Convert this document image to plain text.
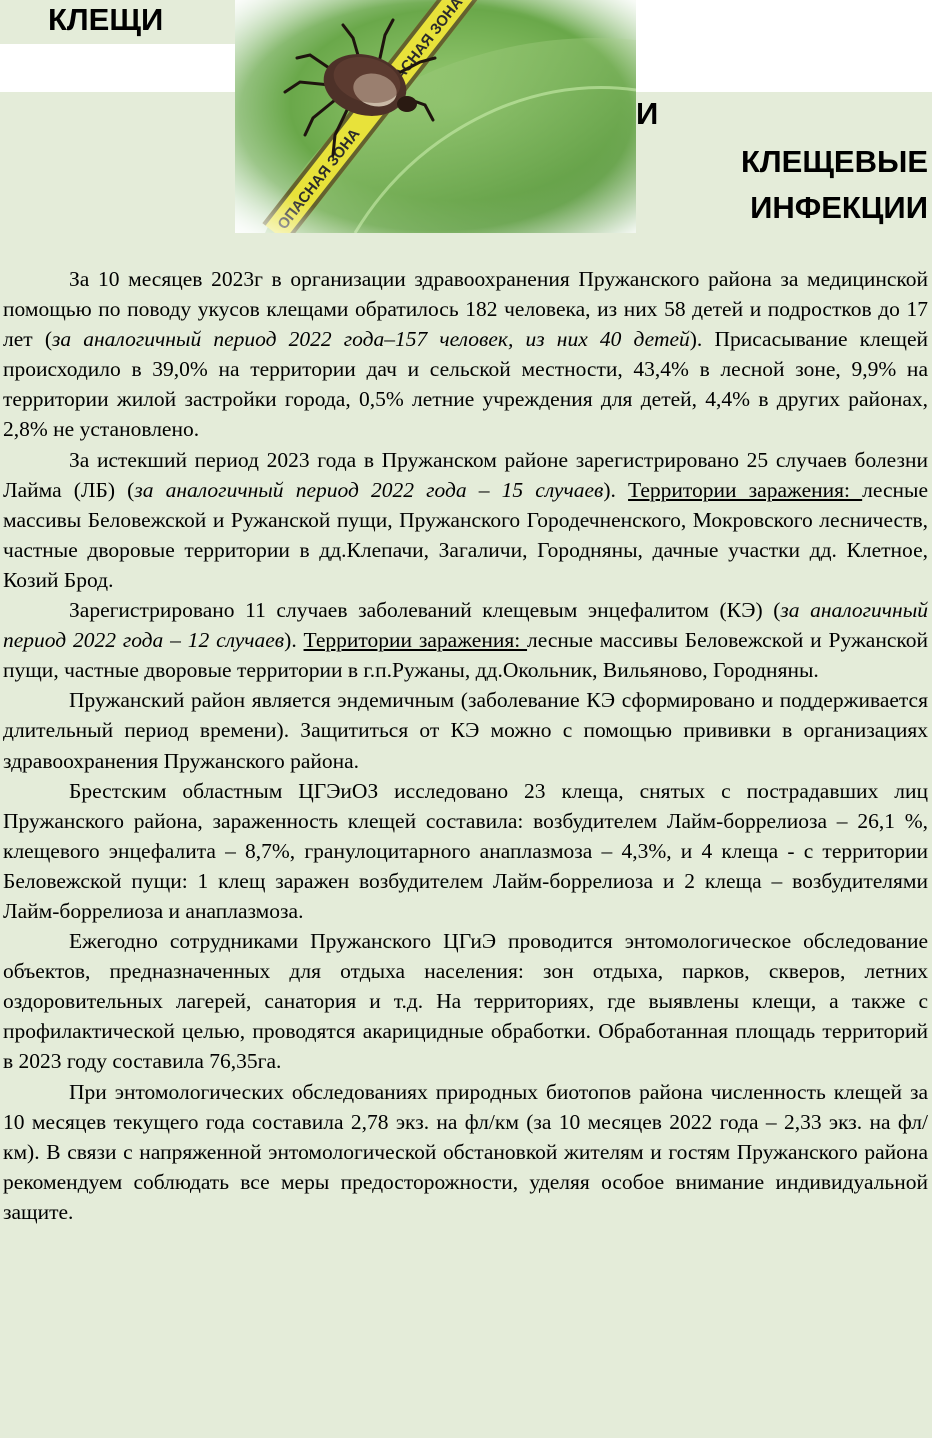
КЛЕЩИ
И
КЛЕЩЕВЫЕ
ИНФЕКЦИИ

За 10 месяцев 2023г в организации здравоохранения Пружанского района за медицинской помощью по поводу укусов клещами обратилось 182 человека, из них 58 детей и подростков до 17 лет (за аналогичный период 2022 года–157 человек, из них 40 детей). Присасывание клещей происходило в 39,0% на территории дач и сельской местности, 43,4% в лесной зоне, 9,9% на территории жилой застройки города, 0,5% летние учреждения для детей, 4,4% в других районах, 2,8% не установлено.

За истекший период 2023 года в Пружанском районе зарегистрировано 25 случаев болезни Лайма (ЛБ) (за аналогичный период 2022 года – 15 случаев). Территории заражения: лесные массивы Беловежской и Ружанской пущи, Пружанского Городечненского, Мокровского лесничеств, частные дворовые территории в дд.Клепачи, Загаличи, Городняны, дачные участки дд. Клетное, Козий Брод.

Зарегистрировано 11 случаев заболеваний клещевым энцефалитом (КЭ) (за аналогичный период 2022 года – 12 случаев). Территории заражения: лесные массивы Беловежской и Ружанской пущи, частные дворовые территории в г.п.Ружаны, дд.Окольник, Вильяново, Городняны.

Пружанский район является эндемичным (заболевание КЭ сформировано и поддерживается длительный период времени). Защититься от КЭ можно с помощью прививки в организациях здравоохранения Пружанского района.

Брестским областным ЦГЭиОЗ исследовано 23 клеща, снятых с пострадавших лиц Пружанского района, зараженность клещей составила: возбудителем Лайм-боррелиоза – 26,1 %, клещевого энцефалита – 8,7%, гранулоцитарного анаплазмоза – 4,3%, и 4 клеща - с территории Беловежской пущи: 1 клещ заражен возбудителем Лайм-боррелиоза и 2 клеща – возбудителями Лайм-боррелиоза и анаплазмоза.

Ежегодно сотрудниками Пружанского ЦГиЭ проводится энтомологическое обследование объектов, предназначенных для отдыха населения: зон отдыха, парков, скверов, летних оздоровительных лагерей, санатория и т.д. На территориях, где выявлены клещи, а также с профилактической целью, проводятся акарицидные обработки. Обработанная площадь территорий в 2023 году составила 76,35га.

При энтомологических обследованиях природных биотопов района численность клещей за 10 месяцев текущего года составила 2,78 экз. на фл/км (за 10 месяцев 2022 года – 2,33 экз. на фл/км). В связи с напряженной энтомологической обстановкой жителям и гостям Пружанского района рекомендуем соблюдать все меры предосторожности, уделяя особое внимание индивидуальной защите.
